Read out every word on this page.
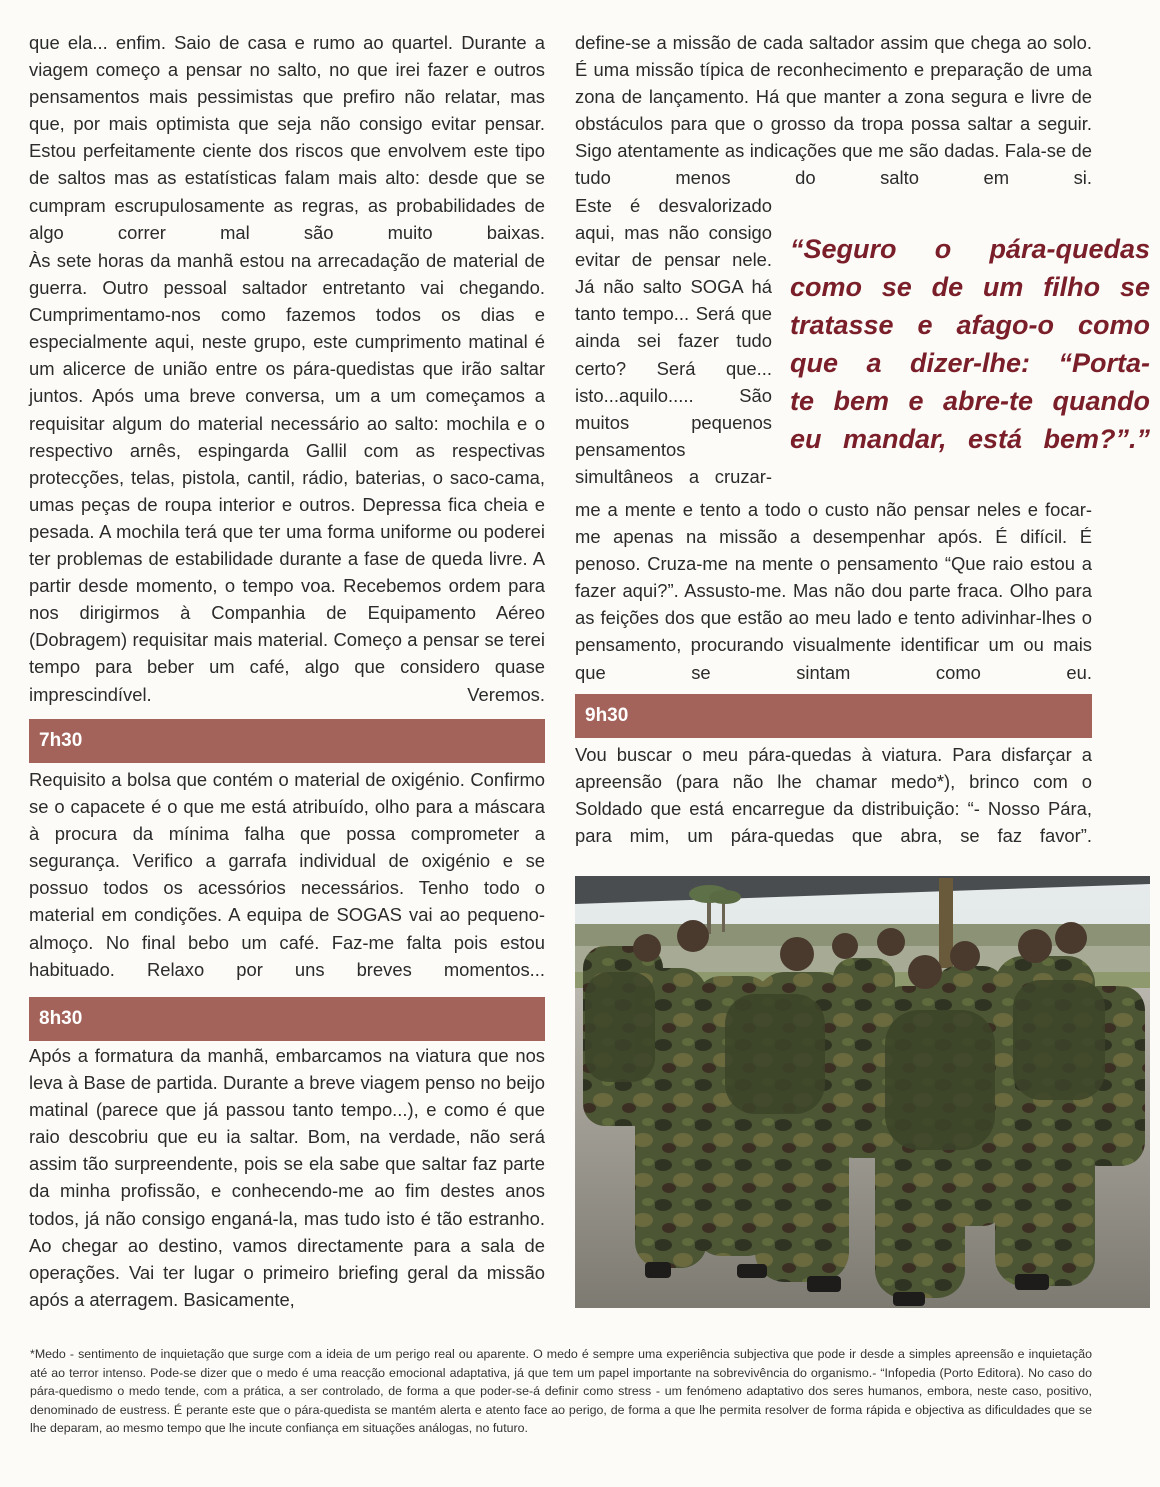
que ela... enfim. Saio de casa e rumo ao quartel. Durante a viagem começo a pensar no salto, no que irei fazer e outros pensamentos mais pessimistas que prefiro não relatar, mas que, por mais optimista que seja não consigo evitar pensar. Estou perfeitamente ciente dos riscos que envolvem este tipo de saltos mas as estatísticas falam mais alto: desde que se cumpram escrupulosamente as regras, as probabilidades de algo correr mal são muito baixas.

Às sete horas da manhã estou na arrecadação de material de guerra. Outro pessoal saltador entretanto vai chegando. Cumprimentamo-nos como fazemos todos os dias e especialmente aqui, neste grupo, este cumprimento matinal é um alicerce de união entre os pára-quedistas que irão saltar juntos. Após uma breve conversa, um a um começamos a requisitar algum do material necessário ao salto: mochila e o respectivo arnês, espingarda Gallil com as respectivas protecções, telas, pistola, cantil, rádio, baterias, o saco-cama, umas peças de roupa interior e outros. Depressa fica cheia e pesada. A mochila terá que ter uma forma uniforme ou poderei ter problemas de estabilidade durante a fase de queda livre. A partir desde momento, o tempo voa. Recebemos ordem para nos dirigirmos à Companhia de Equipamento Aéreo (Dobragem) requisitar mais material. Começo a pensar se terei tempo para beber um café, algo que considero quase imprescindível. Veremos.

7h30

Requisito a bolsa que contém o material de oxigénio. Confirmo se o capacete é o que me está atribuído, olho para a máscara à procura da mínima falha que possa comprometer a segurança. Verifico a garrafa individual de oxigénio e se possuo todos os acessórios necessários. Tenho todo o material em condições. A equipa de SOGAS vai ao pequeno-almoço. No final bebo um café. Faz-me falta pois estou habituado. Relaxo por uns breves momentos...

8h30

Após a formatura da manhã, embarcamos na viatura que nos leva à Base de partida. Durante a breve viagem penso no beijo matinal (parece que já passou tanto tempo...), e como é que raio descobriu que eu ia saltar. Bom, na verdade, não será assim tão surpreendente, pois se ela sabe que saltar faz parte da minha profissão, e conhecendo-me ao fim destes anos todos, já não consigo enganá-la, mas tudo isto é tão estranho. Ao chegar ao destino, vamos directamente para a sala de operações. Vai ter lugar o primeiro briefing geral da missão após a aterragem. Basicamente,

define-se a missão de cada saltador assim que chega ao solo. É uma missão típica de reconhecimento e preparação de uma zona de lançamento. Há que manter a zona segura e livre de obstáculos para que o grosso da tropa possa saltar a seguir. Sigo atentamente as indicações que me são dadas. Fala-se de tudo menos do salto em si.

Este é desvalorizado aqui, mas não consigo evitar de pensar nele. Já não salto SOGA há tanto tempo... Será que ainda sei fazer tudo certo? Será que... isto...aquilo..... São muitos pequenos pensamentos simultâneos a cruzar-

“Seguro o pára-quedas
como se de um filho se
tratasse e afago-o como
que a dizer-lhe: “Porta-
te bem e abre-te quando
eu mandar, está bem?”.”

me a mente e tento a todo o custo não pensar neles e focar-me apenas na missão a desempenhar após. É difícil. É penoso. Cruza-me na mente o pensamento “Que raio estou a fazer aqui?”. Assusto-me. Mas não dou parte fraca. Olho para as feições dos que estão ao meu lado e tento adivinhar-lhes o pensamento, procurando visualmente identificar um ou mais que se sintam como eu.

9h30

Vou buscar o meu pára-quedas à viatura. Para disfarçar a apreensão (para não lhe chamar medo*), brinco com o Soldado que está encarregue da distribuição: “- Nosso Pára, para mim, um pára-quedas que abra, se faz favor”.

*Medo - sentimento de inquietação que surge com a ideia de um perigo real ou aparente. O medo é sempre uma experiência subjectiva que pode ir desde a simples apreensão e inquietação até ao terror intenso. Pode-se dizer que o medo é uma reacção emocional adaptativa, já que tem um papel importante na sobrevivência do organismo.- “Infopedia (Porto Editora). No caso do pára-quedismo o medo tende, com a prática, a ser controlado, de forma a que poder-se-á definir como stress - um fenómeno adaptativo dos seres humanos, embora, neste caso, positivo, denominado de eustress. É perante este que o pára-quedista se mantém alerta e atento face ao perigo, de forma a que lhe permita resolver de forma rápida e objectiva as dificuldades que se lhe deparam, ao mesmo tempo que lhe incute confiança em situações análogas, no futuro.
